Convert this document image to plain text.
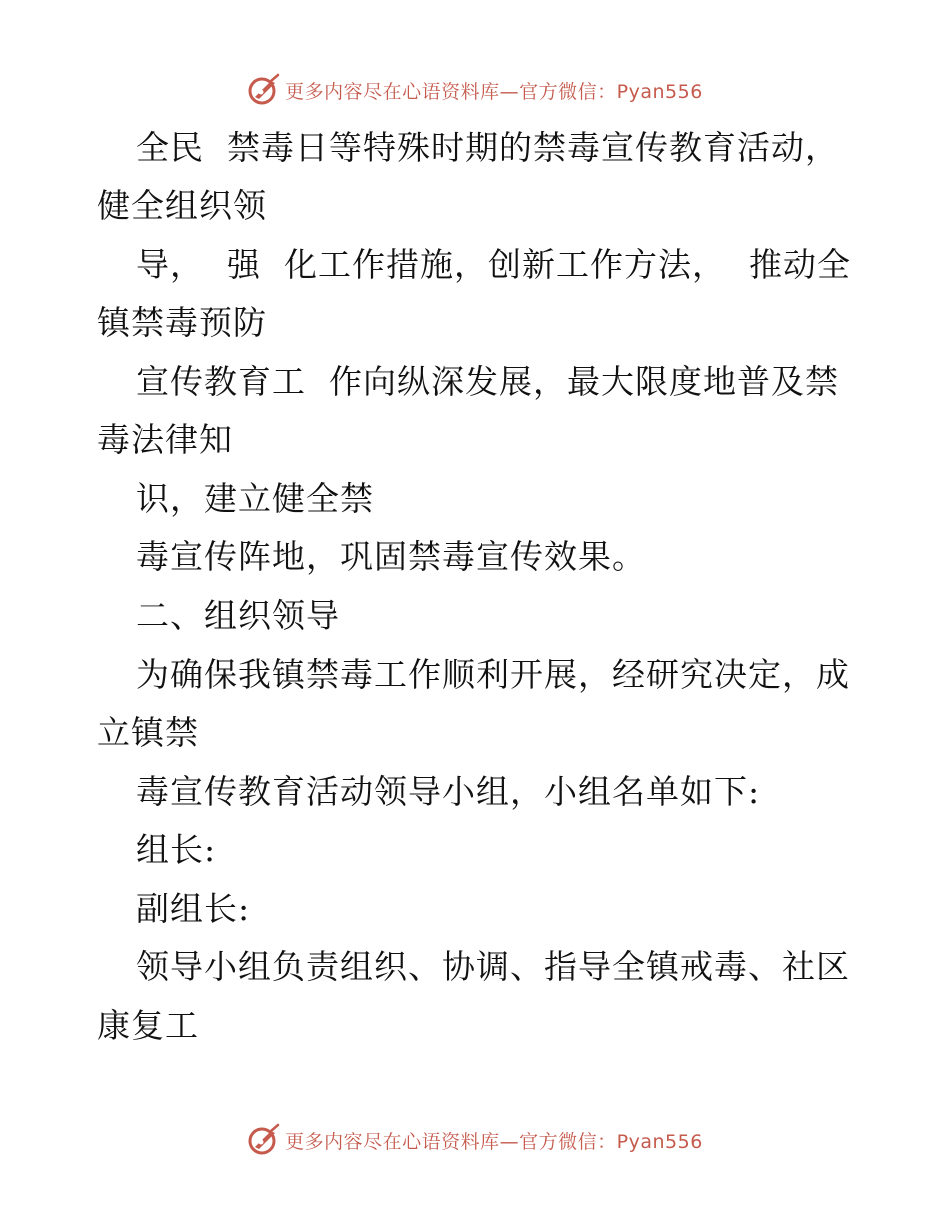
更多内容尽在心语资料库—官方微信：Pyan556
全民  禁毒日等特殊时期的禁毒宣传教育活动，
健全组织领
导，  强  化工作措施，创新工作方法，  推动全
镇禁毒预防
宣传教育工  作向纵深发展，最大限度地普及禁
毒法律知
识，建立健全禁
毒宣传阵地，巩固禁毒宣传效果。
二、组织领导
为确保我镇禁毒工作顺利开展，经研究决定，成
立镇禁
毒宣传教育活动领导小组，小组名单如下:
组长:
副组长:
领导小组负责组织、协调、指导全镇戒毒、社区
康复工
更多内容尽在心语资料库—官方微信：Pyan556
